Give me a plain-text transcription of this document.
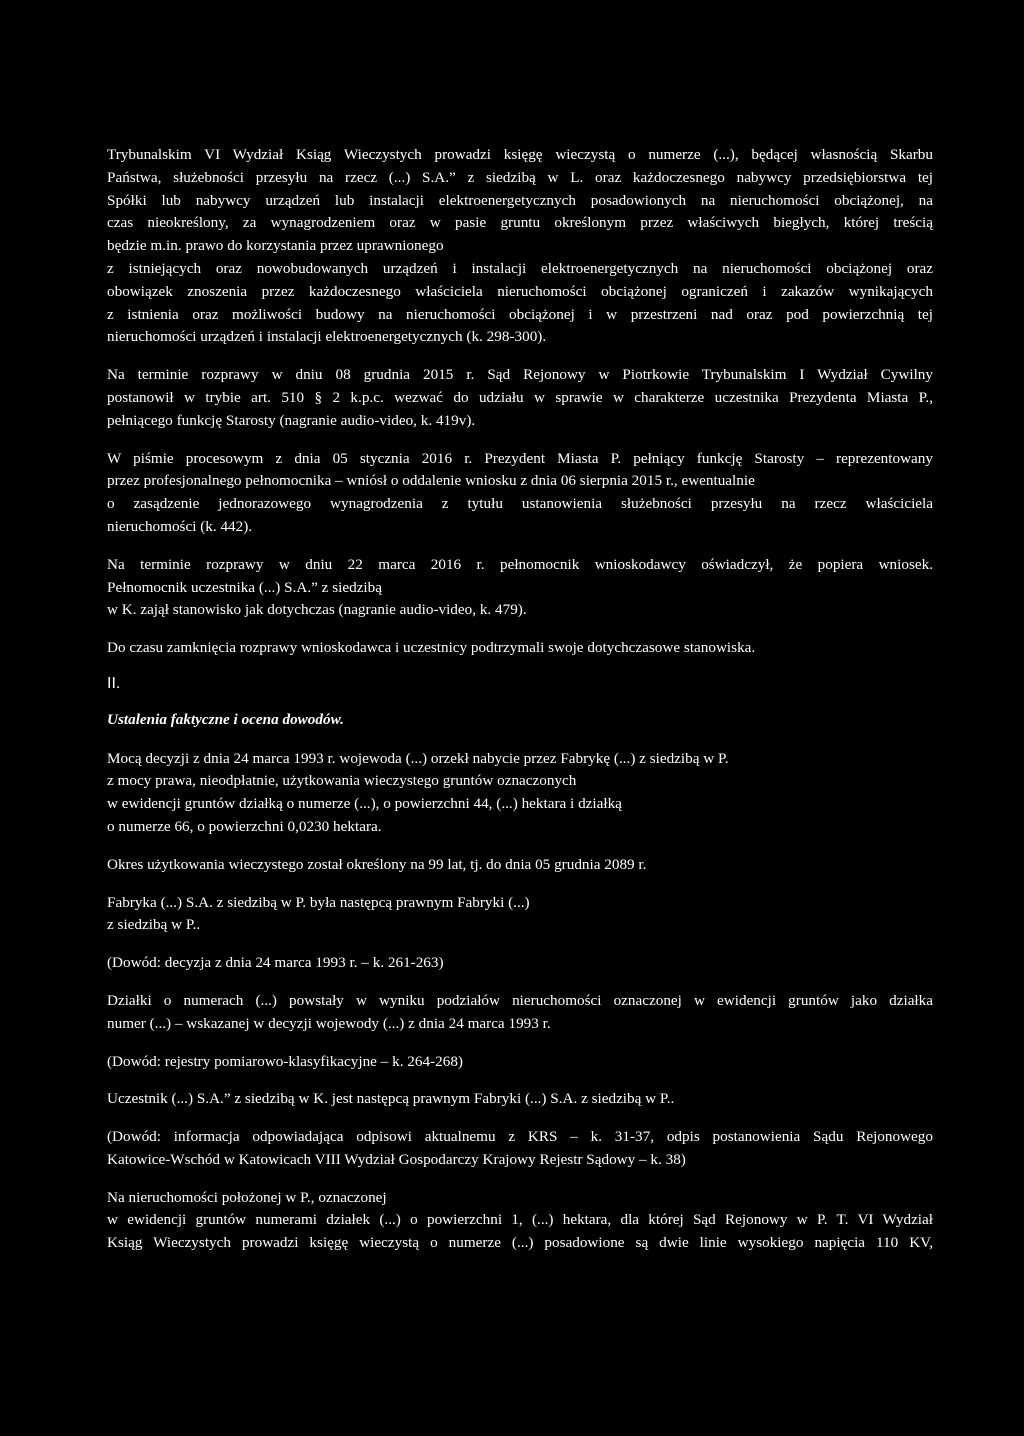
Trybunalskim VI Wydział Ksiąg Wieczystych prowadzi księgę wieczystą o numerze (...), będącej własnością Skarbu
Państwa, służebności przesyłu na rzecz (...) S.A.” z siedzibą w L. oraz każdoczesnego nabywcy przedsiębiorstwa tej
Spółki lub nabywcy urządzeń lub instalacji elektroenergetycznych posadowionych na nieruchomości obciążonej, na
czas nieokreślony, za wynagrodzeniem oraz w pasie gruntu określonym przez właściwych biegłych, której treścią
będzie m.in. prawo do korzystania przez uprawnionego
z istniejących oraz nowobudowanych urządzeń i instalacji elektroenergetycznych na nieruchomości obciążonej oraz
obowiązek znoszenia przez każdoczesnego właściciela nieruchomości obciążonej ograniczeń i zakazów wynikających
z istnienia oraz możliwości budowy na nieruchomości obciążonej i w przestrzeni nad oraz pod powierzchnią tej
nieruchomości urządzeń i instalacji elektroenergetycznych (k. 298-300).
Na terminie rozprawy w dniu 08 grudnia 2015 r. Sąd Rejonowy w Piotrkowie Trybunalskim I Wydział Cywilny
postanowił w trybie art. 510 § 2 k.p.c. wezwać do udziału w sprawie w charakterze uczestnika Prezydenta Miasta P.,
pełniącego funkcję Starosty (nagranie audio-video, k. 419v).
W piśmie procesowym z dnia 05 stycznia 2016 r. Prezydent Miasta P. pełniący funkcję Starosty – reprezentowany
przez profesjonalnego pełnomocnika – wniósł o oddalenie wniosku z dnia 06 sierpnia 2015 r., ewentualnie
o zasądzenie jednorazowego wynagrodzenia z tytułu ustanowienia służebności przesyłu na rzecz właściciela
nieruchomości (k. 442).
Na terminie rozprawy w dniu 22 marca 2016 r. pełnomocnik wnioskodawcy oświadczył, że popiera wniosek.
Pełnomocnik uczestnika (...) S.A.” z siedzibą
w K. zajął stanowisko jak dotychczas (nagranie audio-video, k. 479).
Do czasu zamknięcia rozprawy wnioskodawca i uczestnicy podtrzymali swoje dotychczasowe stanowiska.
II.
Ustalenia faktyczne i ocena dowodów.
Mocą decyzji z dnia 24 marca 1993 r. wojewoda (...) orzekł nabycie przez Fabrykę (...) z siedzibą w P.
z mocy prawa, nieodpłatnie, użytkowania wieczystego gruntów oznaczonych
w ewidencji gruntów działką o numerze (...), o powierzchni 44, (...) hektara i działką
o numerze 66, o powierzchni 0,0230 hektara.
Okres użytkowania wieczystego został określony na 99 lat, tj. do dnia 05 grudnia 2089 r.
Fabryka (...) S.A. z siedzibą w P. była następcą prawnym Fabryki (...)
z siedzibą w P..
(Dowód: decyzja z dnia 24 marca 1993 r. – k. 261-263)
Działki o numerach (...) powstały w wyniku podziałów nieruchomości oznaczonej w ewidencji gruntów jako działka
numer (...) – wskazanej w decyzji wojewody (...) z dnia 24 marca 1993 r.
(Dowód: rejestry pomiarowo-klasyfikacyjne – k. 264-268)
Uczestnik (...) S.A.” z siedzibą w K. jest następcą prawnym Fabryki (...) S.A. z siedzibą w P..
(Dowód: informacja odpowiadająca odpisowi aktualnemu z KRS – k. 31-37, odpis postanowienia Sądu Rejonowego
Katowice-Wschód w Katowicach VIII Wydział Gospodarczy Krajowy Rejestr Sądowy – k. 38)
Na nieruchomości położonej w P., oznaczonej
w ewidencji gruntów numerami działek (...) o powierzchni 1, (...) hektara, dla której Sąd Rejonowy w P. T. VI Wydział
Ksiąg Wieczystych prowadzi księgę wieczystą o numerze (...) posadowione są dwie linie wysokiego napięcia 110 KV,
